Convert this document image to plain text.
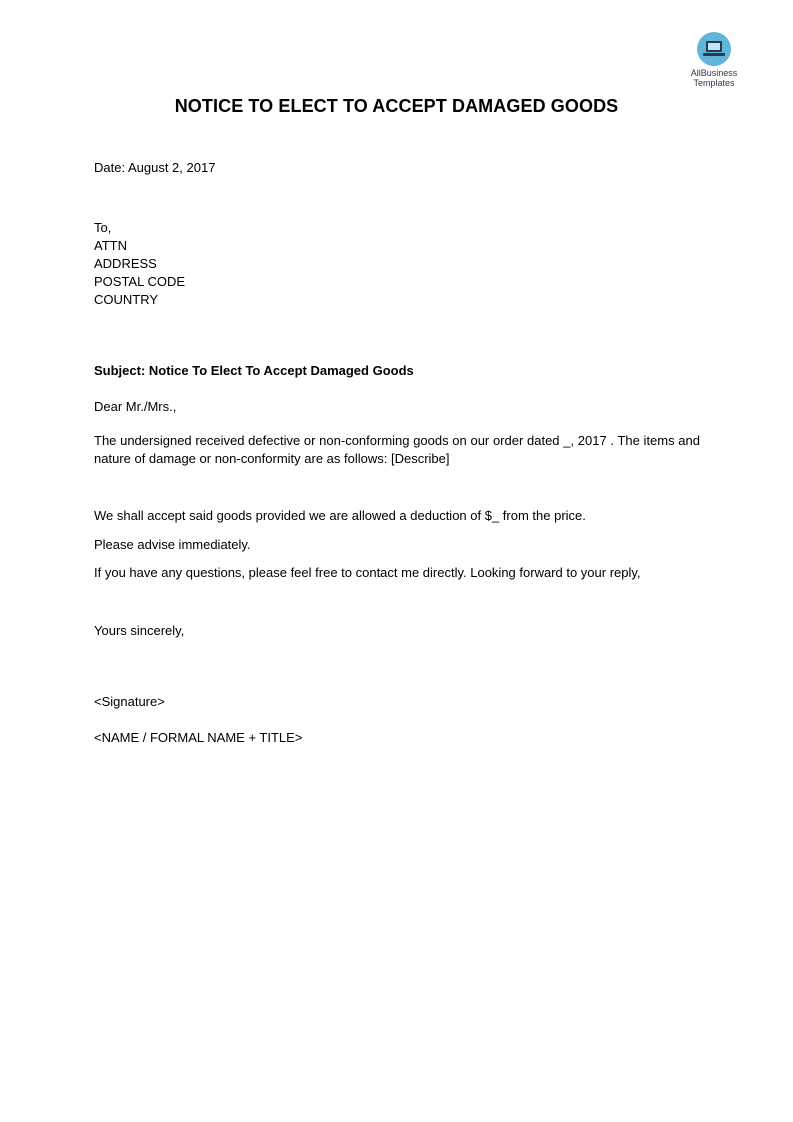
AllBusiness
Templates
NOTICE TO ELECT TO ACCEPT DAMAGED GOODS
Date: August 2, 2017
To,
ATTN
ADDRESS
POSTAL CODE
COUNTRY
Subject: Notice To Elect To Accept Damaged Goods
Dear Mr./Mrs.,
The undersigned received defective or non-conforming goods on our order dated _, 2017 . The items and nature of damage or non-conformity are as follows: [Describe]
We shall accept said goods provided we are allowed a deduction of $_ from the price.
Please advise immediately.
If you have any questions, please feel free to contact me directly. Looking forward to your reply,
Yours sincerely,
<Signature>
<NAME / FORMAL NAME + TITLE>
